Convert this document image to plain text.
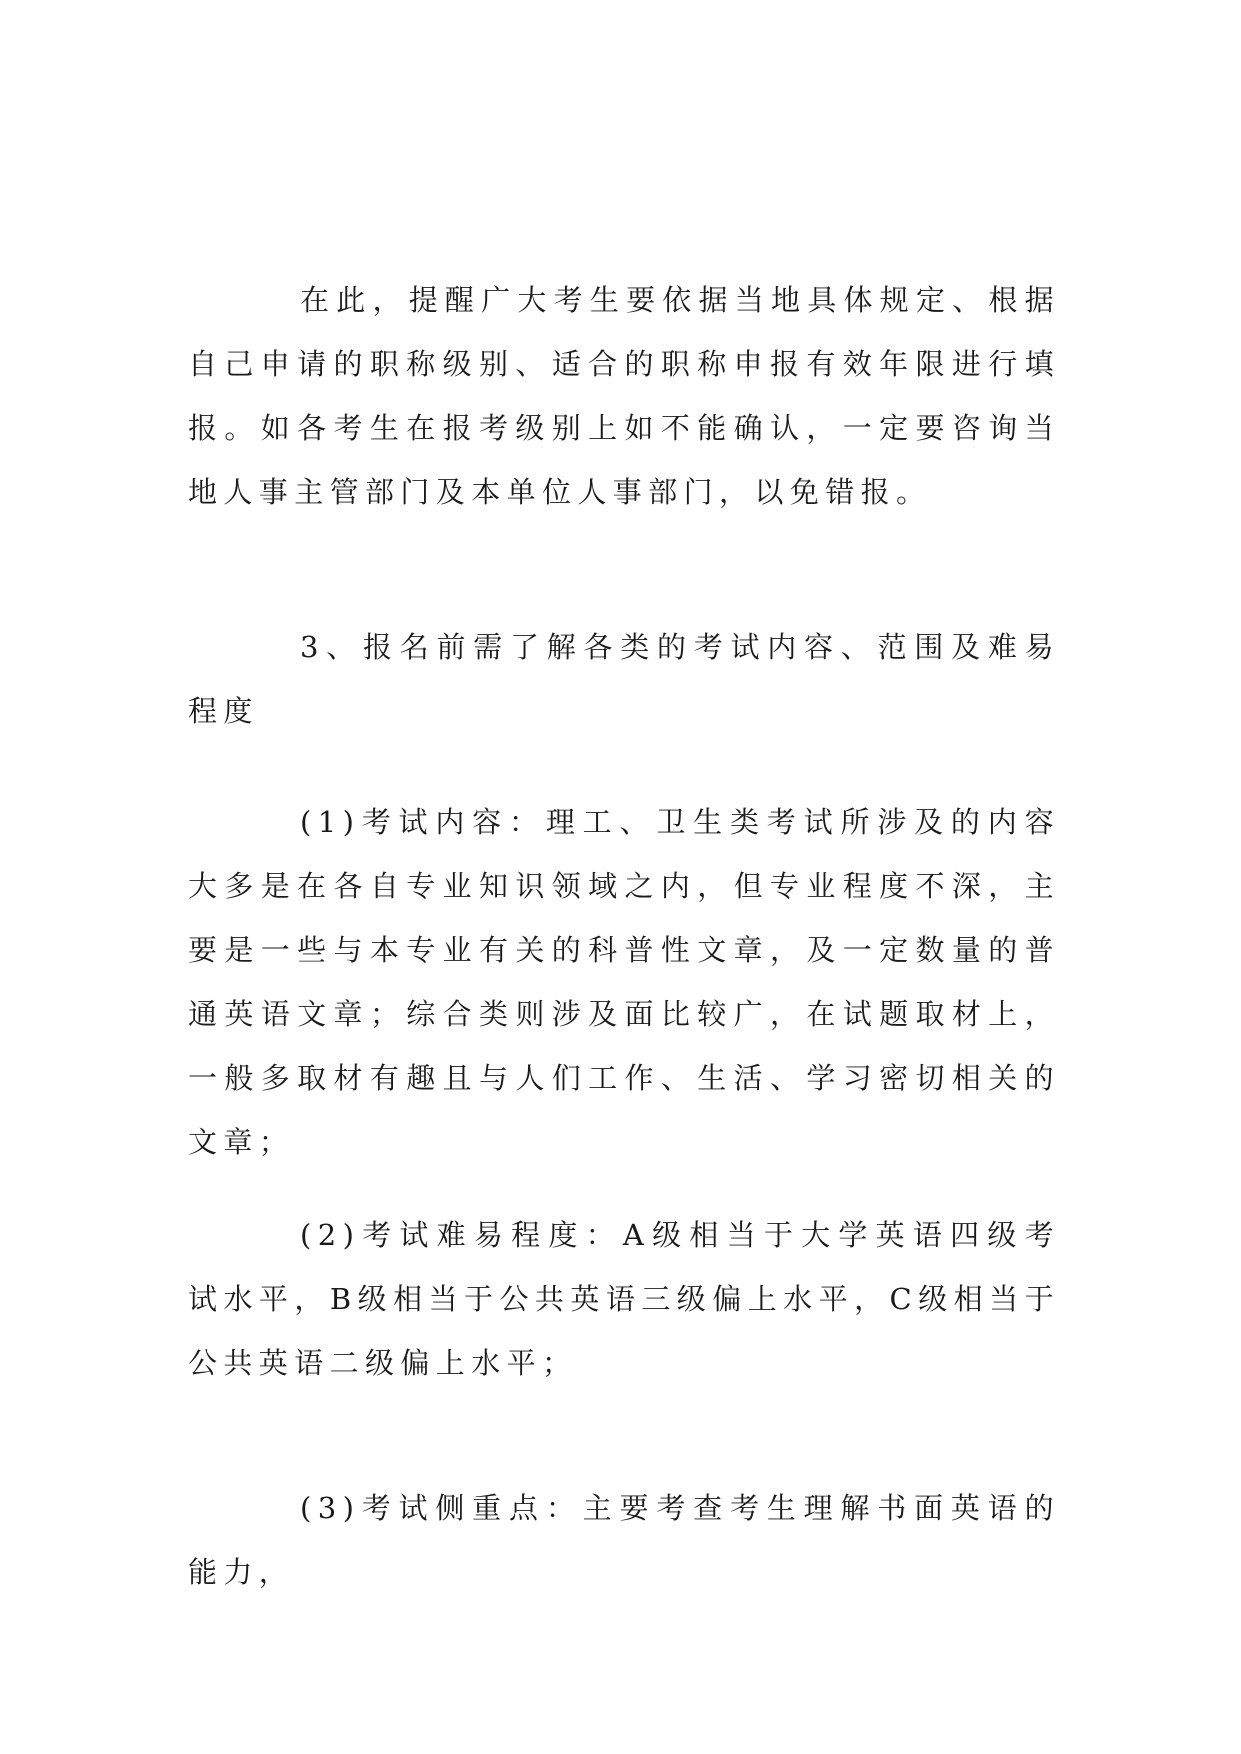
在此，提醒广大考生要依据当地具体规定、根据自己申请的职称级别、适合的职称申报有效年限进行填报。如各考生在报考级别上如不能确认，一定要咨询当地人事主管部门及本单位人事部门，以免错报。

3、报名前需了解各类的考试内容、范围及难易程度

(1)考试内容：理工、卫生类考试所涉及的内容大多是在各自专业知识领域之内，但专业程度不深，主要是一些与本专业有关的科普性文章，及一定数量的普通英语文章；综合类则涉及面比较广，在试题取材上，一般多取材有趣且与人们工作、生活、学习密切相关的文章；

(2)考试难易程度：A级相当于大学英语四级考试水平，B级相当于公共英语三级偏上水平，C级相当于公共英语二级偏上水平；

(3)考试侧重点：主要考查考生理解书面英语的能力，
